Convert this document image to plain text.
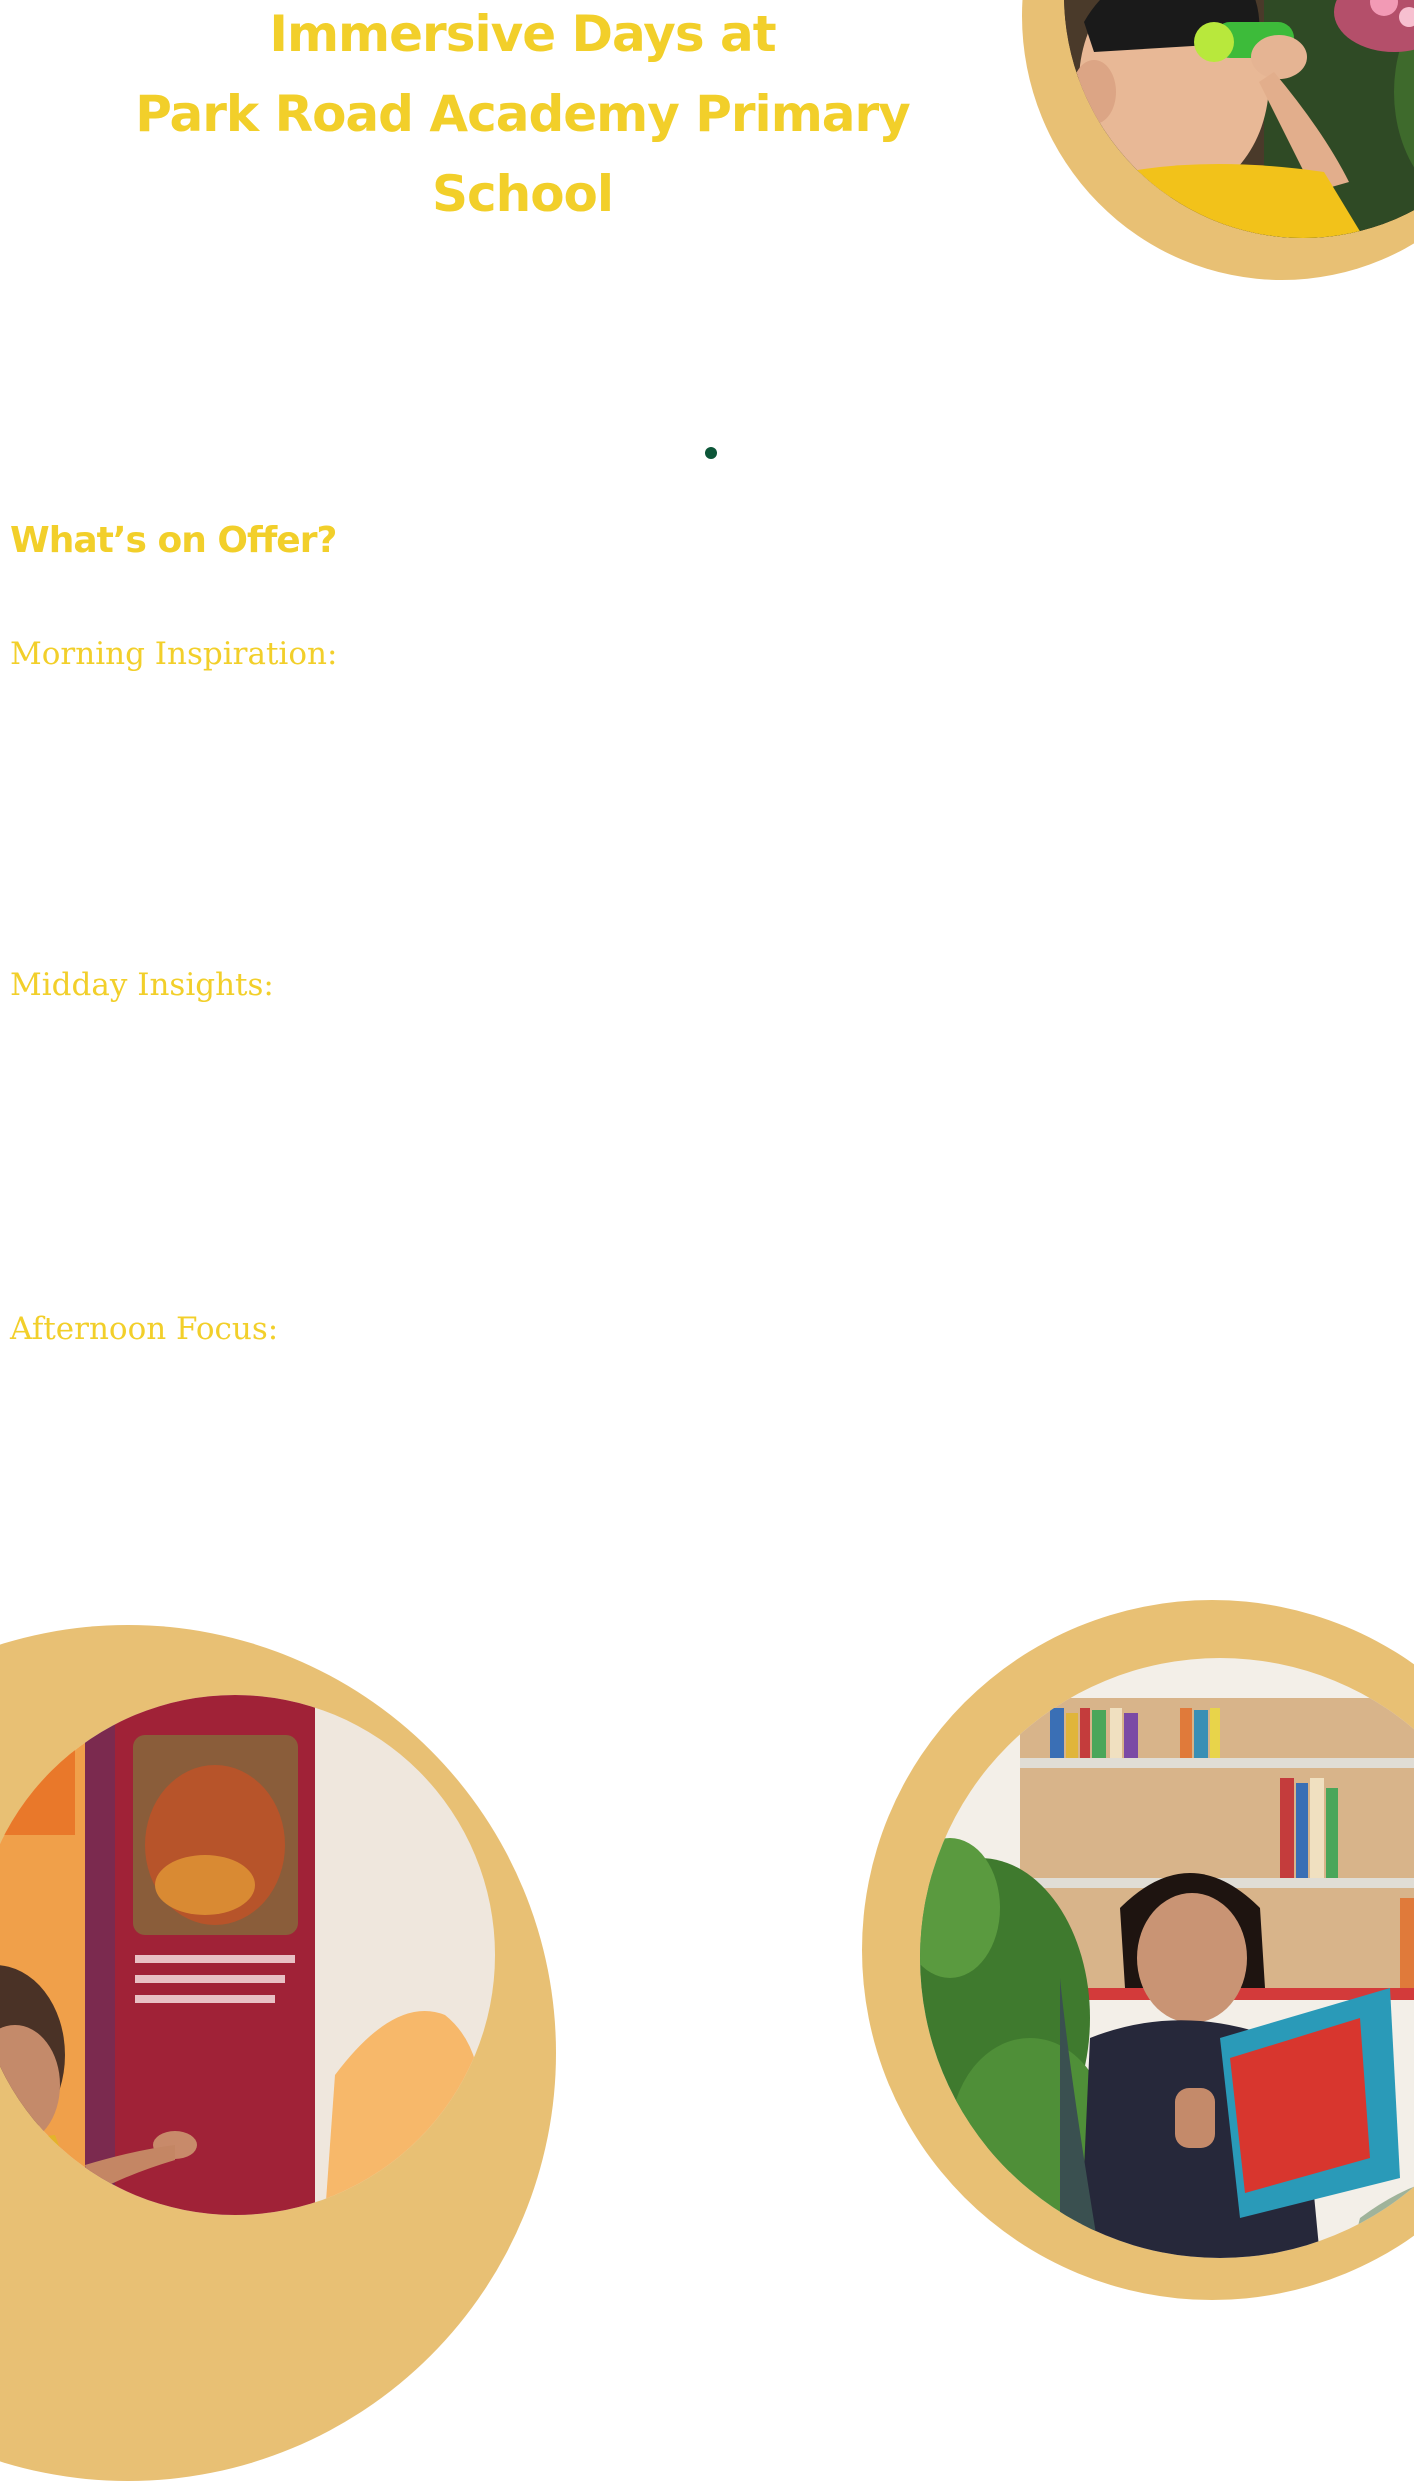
Immersive Days at
Park Road Academy Primary School
What’s on Offer?
Morning Inspiration:
Midday Insights:
Afternoon Focus:
